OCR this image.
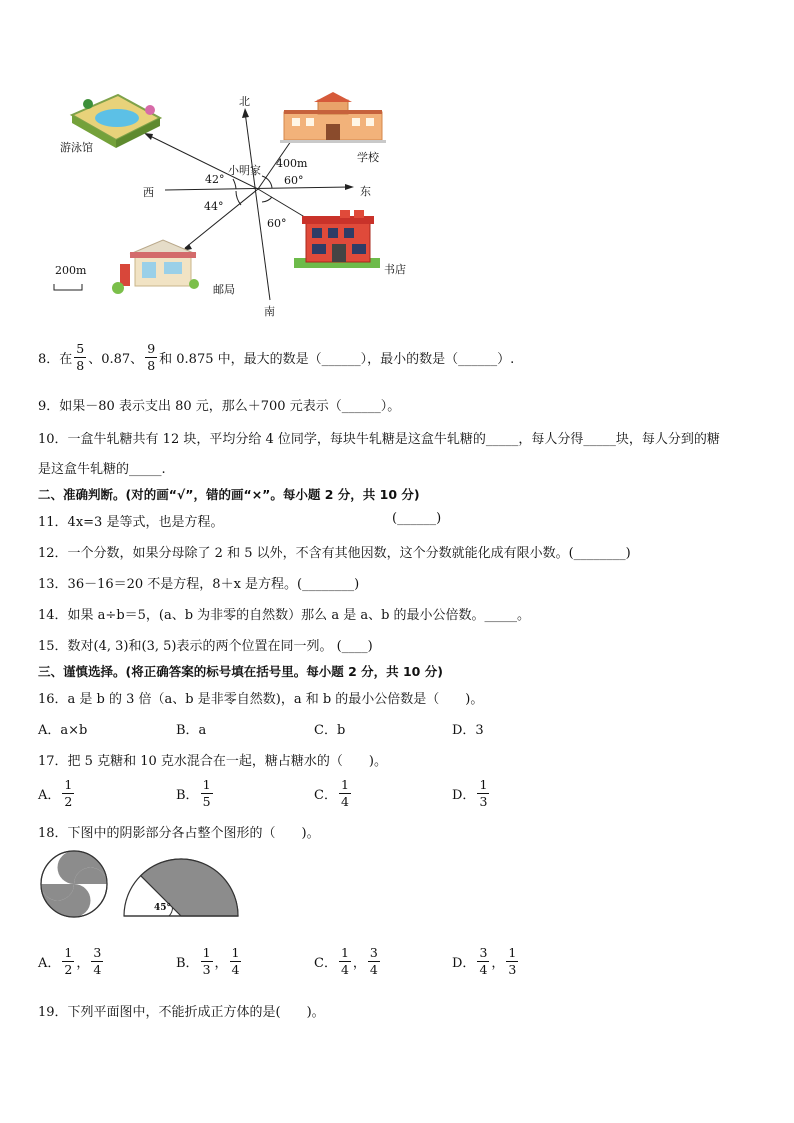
北
南
东
西
小明家
学校
游泳馆
书店
邮局
400m
60°
42°
44°
60°
200m
8．在 $\frac{5}{8}$ 、0.87、 $\frac{9}{8}$ 和 0.875 中，最大的数是（______），最小的数是（______）.
9．如果－80 表示支出 80 元，那么＋700 元表示（______）。
10．一盒牛轧糖共有 12 块，平均分给 4 位同学，每块牛轧糖是这盒牛轧糖的_____，每人分得_____块，每人分到的糖
是这盒牛轧糖的_____.
二、准确判断。(对的画“√”，错的画“×”。每小题 2 分，共 10 分)
11．4x=3 是等式，也是方程。	(______)
12．一个分数，如果分母除了 2 和 5 以外，不含有其他因数，这个分数就能化成有限小数。(________)
13．36－16＝20 不是方程，8＋x 是方程。(________)
14．如果 a÷b＝5，(a、b 为非零的自然数）那么 a 是 a、b 的最小公倍数。_____。
15．数对(4, 3)和(3, 5)表示的两个位置在同一列。 (____)
三、谨慎选择。(将正确答案的标号填在括号里。每小题 2 分，共 10 分)
16．a 是 b 的 3 倍（a、b 是非零自然数)，a 和 b 的最小公倍数是（　　)。
A．a×b	B．a	C．b	D．3
17．把 5 克糖和 10 克水混合在一起，糖占糖水的（　　)。
A． $\frac{1}{2}$	B． $\frac{1}{5}$	C． $\frac{1}{4}$	D． $\frac{1}{3}$
18．下图中的阴影部分各占整个图形的（　　)。
45°
A． $\frac{1}{2}$ ， $\frac{3}{4}$	B． $\frac{1}{3}$ ， $\frac{1}{4}$	C． $\frac{1}{4}$ ， $\frac{3}{4}$	D． $\frac{3}{4}$ ， $\frac{1}{3}$
19．下列平面图中，不能折成正方体的是(　　)。
